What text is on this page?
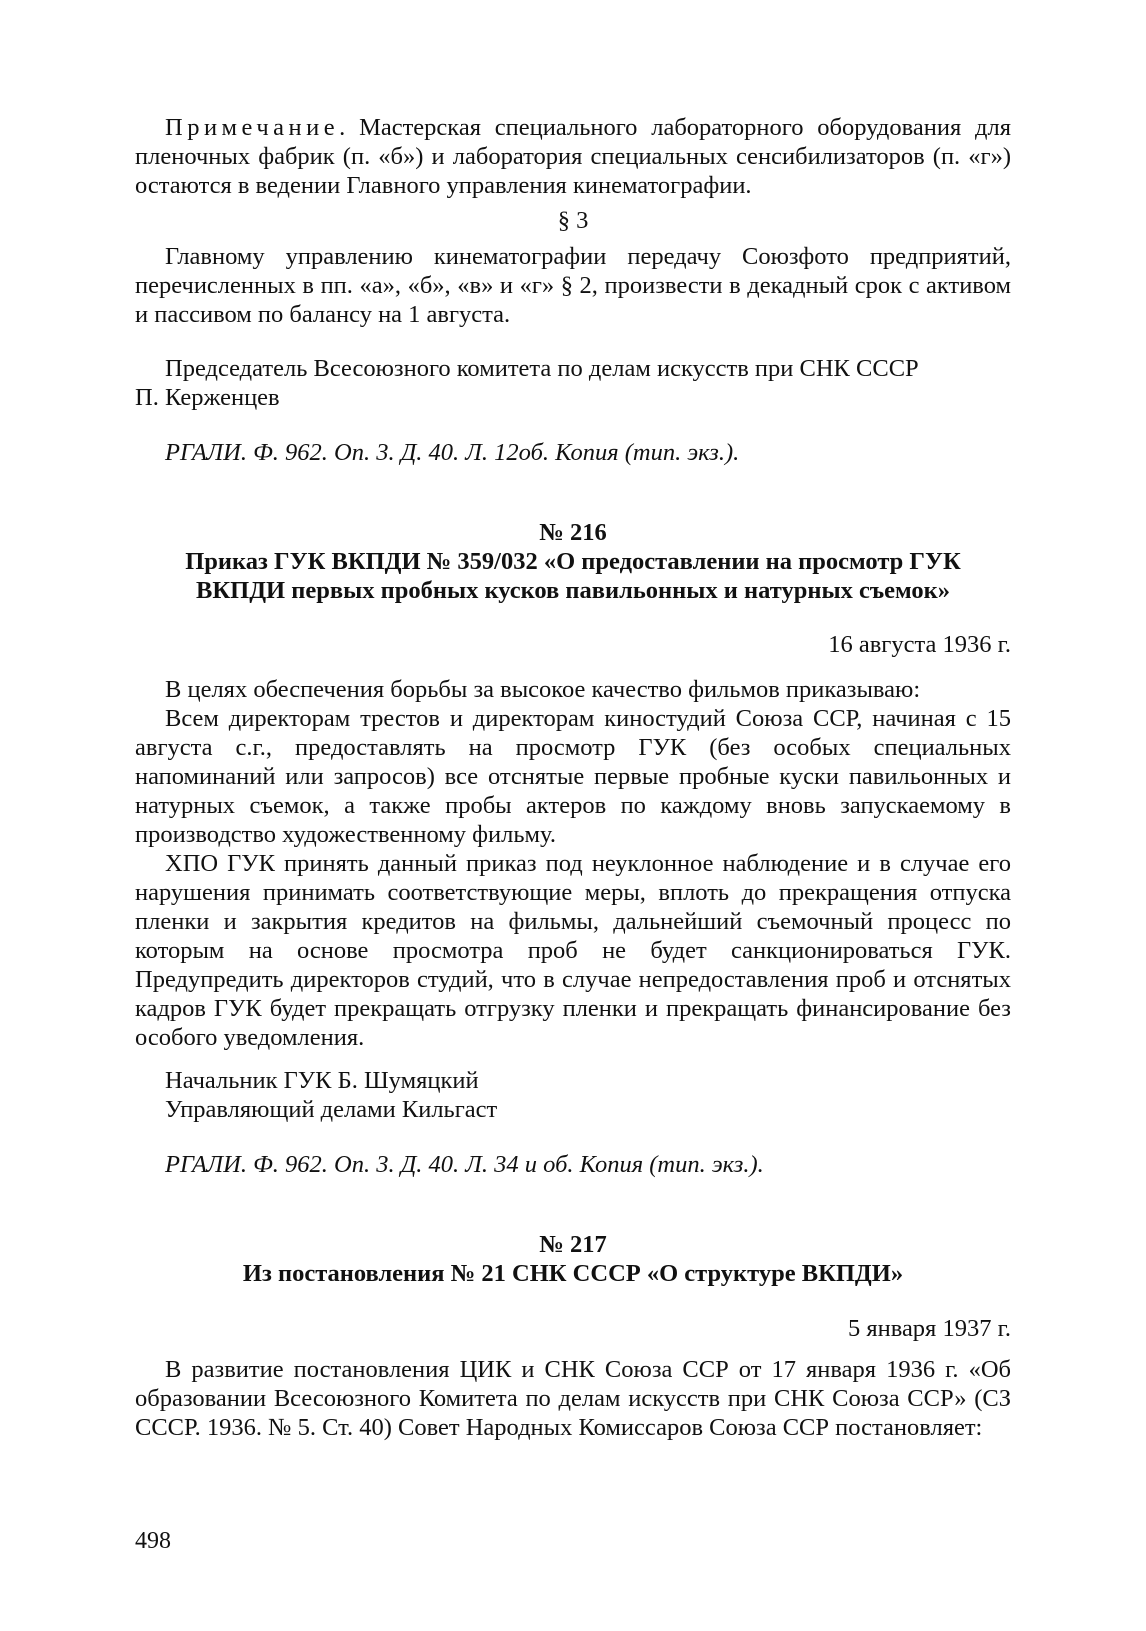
Примечание. Мастерская специального лабораторного оборудования для пленочных фабрик (п. «б») и лаборатория специальных сенсибилизаторов (п. «г») остаются в ведении Главного управления кинематографии.

§ 3

Главному управлению кинематографии передачу Союзфото предприятий, перечисленных в пп. «а», «б», «в» и «г» § 2, произвести в декадный срок с активом и пассивом по балансу на 1 августа.

Председатель Всесоюзного комитета по делам искусств при СНК СССР

П. Керженцев

РГАЛИ. Ф. 962. Оп. 3. Д. 40. Л. 12об. Копия (тип. экз.).

№ 216
Приказ ГУК ВКПДИ № 359/032 «О предоставлении на просмотр ГУК ВКПДИ первых пробных кусков павильонных и натурных съемок»
16 августа 1936 г.

В целях обеспечения борьбы за высокое качество фильмов приказываю:

Всем директорам трестов и директорам киностудий Союза ССР, начиная с 15 августа с.г., предоставлять на просмотр ГУК (без особых специальных напоминаний или запросов) все отснятые первые пробные куски павильонных и натурных съемок, а также пробы актеров по каждому вновь запускаемому в производство художественному фильму.

ХПО ГУК принять данный приказ под неуклонное наблюдение и в случае его нарушения принимать соответствующие меры, вплоть до прекращения отпуска пленки и закрытия кредитов на фильмы, дальнейший съемочный процесс по которым на основе просмотра проб не будет санкционироваться ГУК. Предупредить директоров студий, что в случае непредоставления проб и отснятых кадров ГУК будет прекращать отгрузку пленки и прекращать финансирование без особого уведомления.

Начальник ГУК Б. Шумяцкий

Управляющий делами Кильгаст

РГАЛИ. Ф. 962. Оп. 3. Д. 40. Л. 34 и об. Копия (тип. экз.).

№ 217
Из постановления № 21 СНК СССР «О структуре ВКПДИ»
5 января 1937 г.

В развитие постановления ЦИК и СНК Союза ССР от 17 января 1936 г. «Об образовании Всесоюзного Комитета по делам искусств при СНК Союза ССР» (СЗ СССР. 1936. № 5. Ст. 40) Совет Народных Комиссаров Союза ССР постановляет:

498
